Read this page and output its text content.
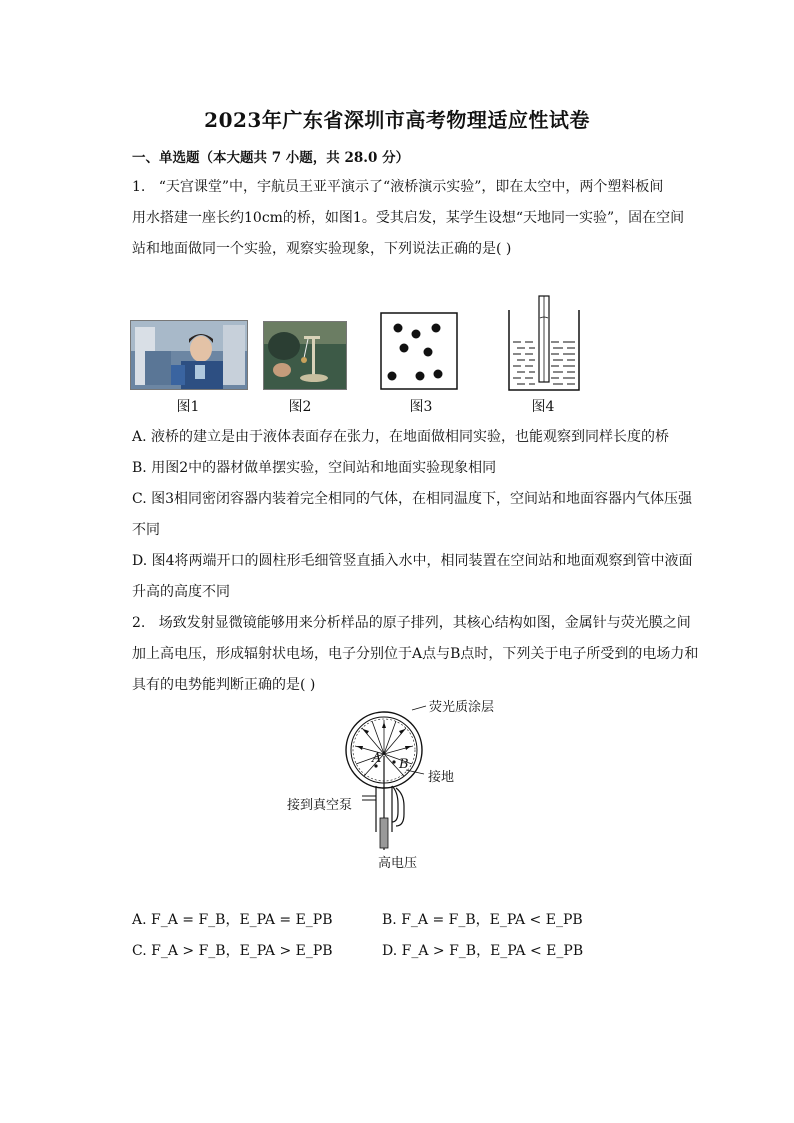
2023年广东省深圳市高考物理适应性试卷
一、单选题（本大题共 7 小题，共 28.0 分）
1. “天宫课堂”中，宇航员王亚平演示了“液桥演示实验”，即在太空中，两个塑料板间
用水搭建一座长约10cm的桥，如图1。受其启发，某学生设想“天地同一实验”，固在空间
站和地面做同一个实验，观察实验现象，下列说法正确的是( )
图1	图2	图3	图4
A. 液桥的建立是由于液体表面存在张力，在地面做相同实验，也能观察到同样长度的桥
B. 用图2中的器材做单摆实验，空间站和地面实验现象相同
C. 图3相同密闭容器内装着完全相同的气体，在相同温度下，空间站和地面容器内气体压强
不同
D. 图4将两端开口的圆柱形毛细管竖直插入水中，相同装置在空间站和地面观察到管中液面
升高的高度不同
2. 场致发射显微镜能够用来分析样品的原子排列，其核心结构如图，金属针与荧光膜之间
加上高电压，形成辐射状电场，电子分别位于A点与B点时，下列关于电子所受到的电场力和
具有的电势能判断正确的是( )
荧光质涂层
接地
接到真空泵
高电压
A B
A. F_A = F_B，E_PA = E_PB	B. F_A = F_B，E_PA < E_PB
C. F_A > F_B，E_PA > E_PB	D. F_A > F_B，E_PA < E_PB
